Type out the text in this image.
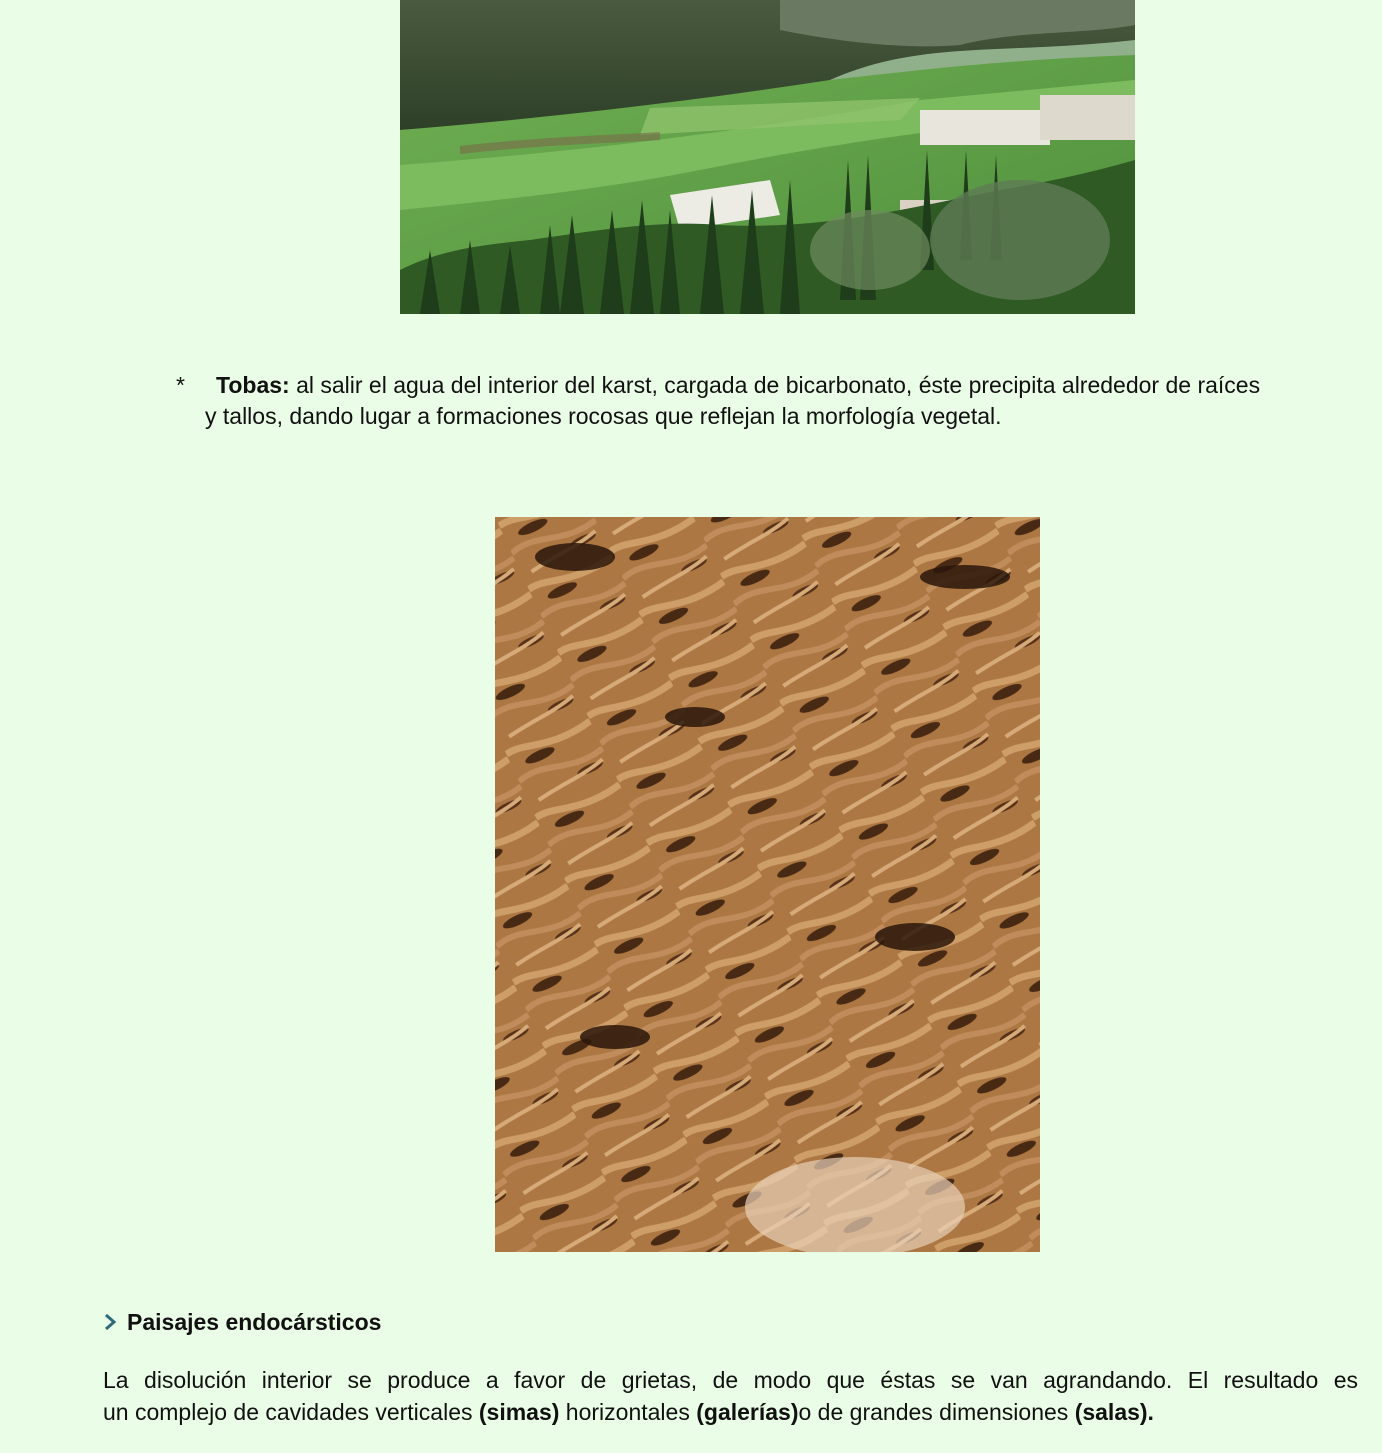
* Tobas: al salir el agua del interior del karst, cargada de bicarbonato, éste precipita alrededor de raíces
y tallos, dando lugar a formaciones rocosas que reflejan la morfología vegetal.
Paisajes endocársticos
La disolución interior se produce a favor de grietas, de modo que éstas se van agrandando. El resultado es
un complejo de cavidades verticales (simas) horizontales (galerías)o de grandes dimensiones (salas).
